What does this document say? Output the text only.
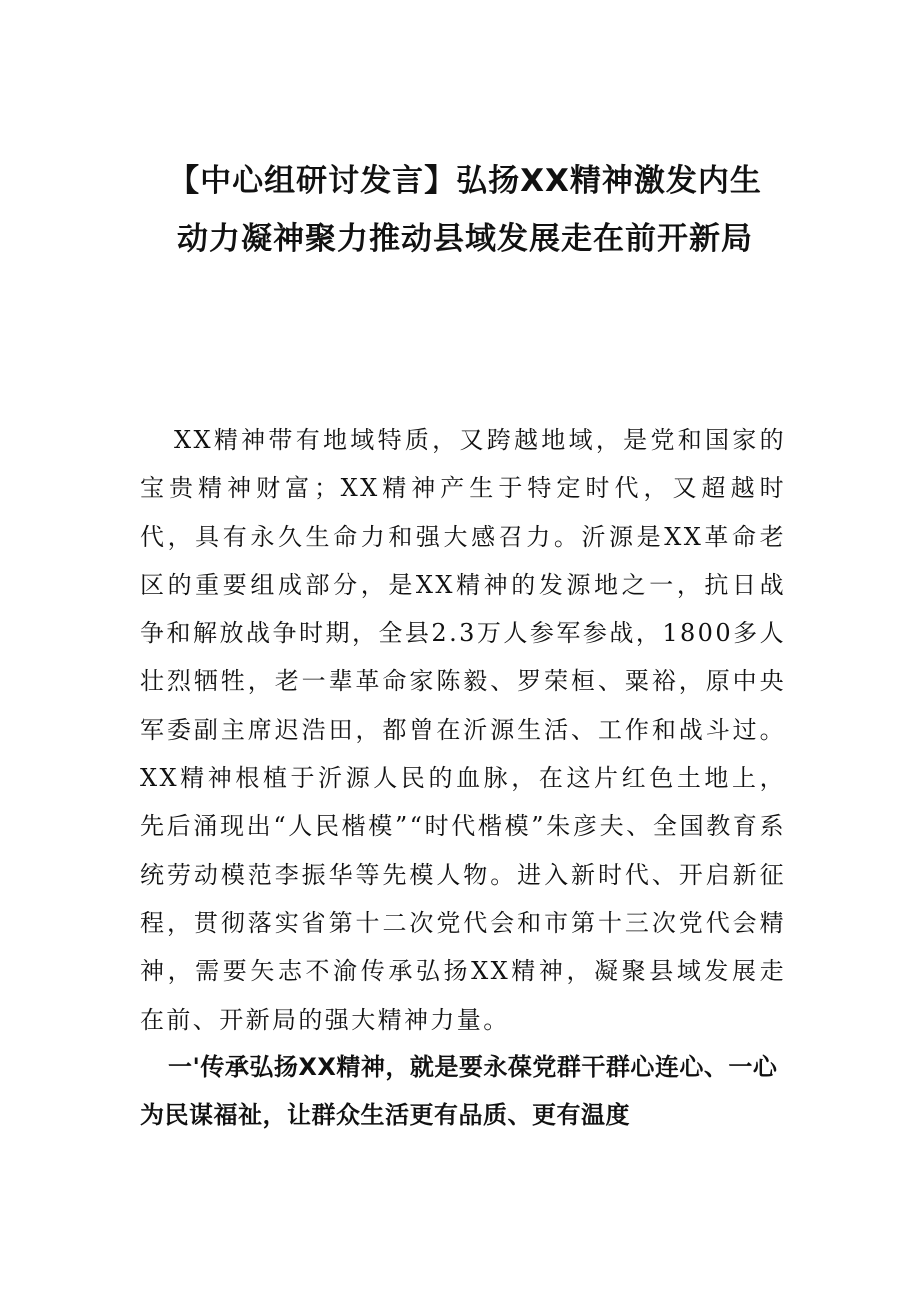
【中心组研讨发言】弘扬XX精神激发内生
动力凝神聚力推动县域发展走在前开新局

XX精神带有地域特质，又跨越地域，是党和国家的宝贵精神财富；XX精神产生于特定时代，又超越时代，具有永久生命力和强大感召力。沂源是XX革命老区的重要组成部分，是XX精神的发源地之一，抗日战争和解放战争时期，全县2.3万人参军参战，1800多人壮烈牺牲，老一辈革命家陈毅、罗荣桓、粟裕，原中央军委副主席迟浩田，都曾在沂源生活、工作和战斗过。XX精神根植于沂源人民的血脉，在这片红色土地上，先后涌现出“人民楷模”“时代楷模”朱彦夫、全国教育系统劳动模范李振华等先模人物。进入新时代、开启新征程，贯彻落实省第十二次党代会和市第十三次党代会精神，需要矢志不渝传承弘扬XX精神，凝聚县域发展走在前、开新局的强大精神力量。

一'传承弘扬XX精神，就是要永葆党群干群心连心、一心为民谋福祉，让群众生活更有品质、更有温度
